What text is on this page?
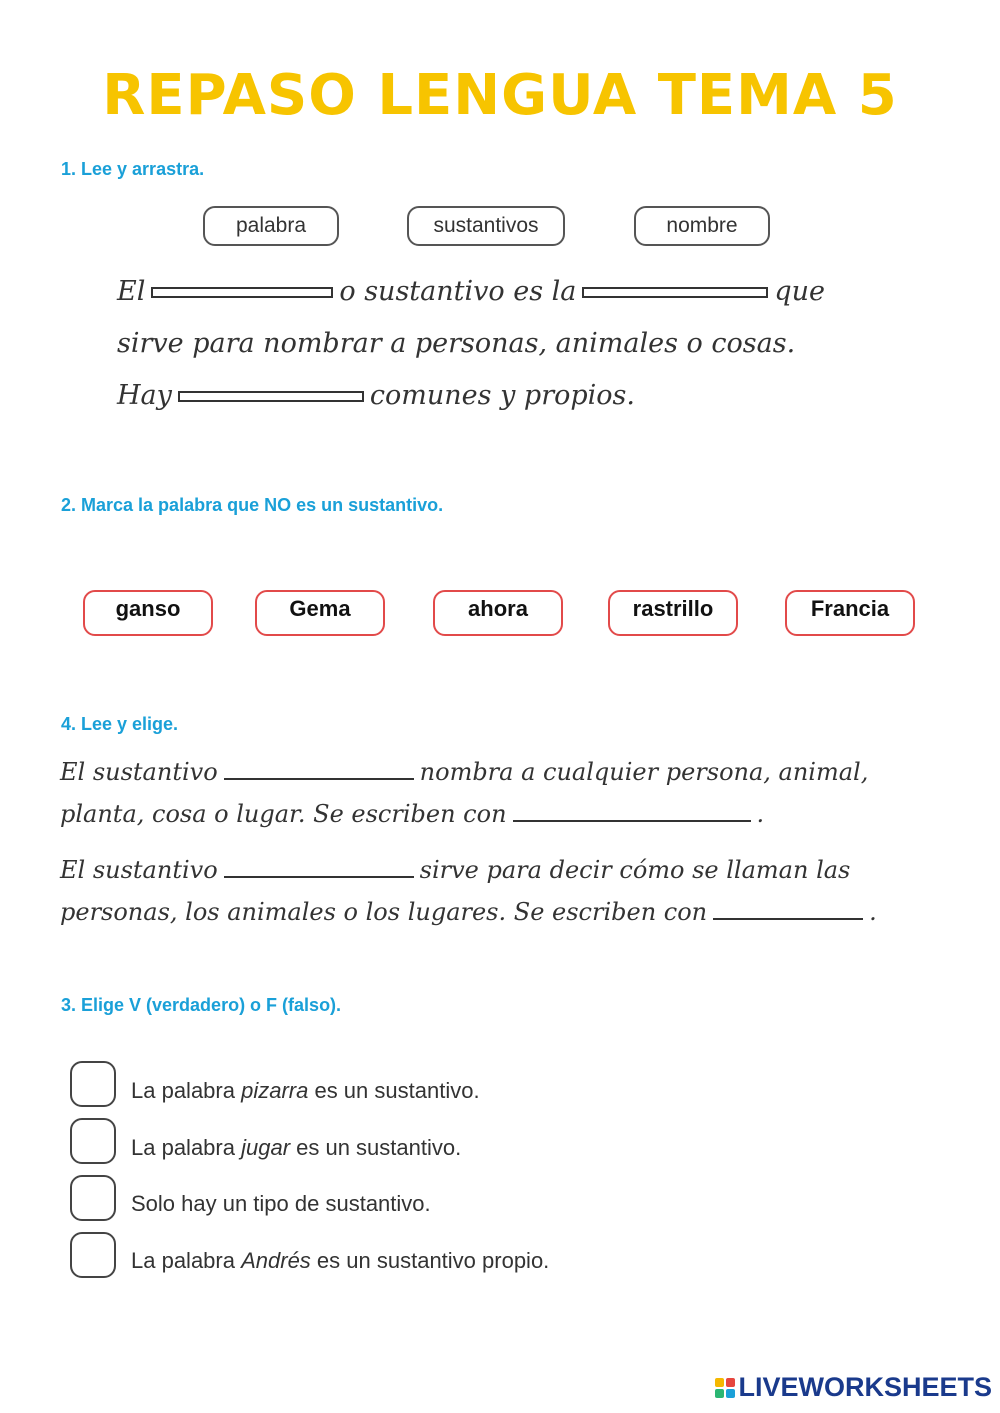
REPASO LENGUA TEMA 5
1. Lee y arrastra.
palabra	sustantivos	nombre
El	o sustantivo es la	que
sirve para nombrar a personas, animales o cosas.
Hay	comunes y propios.
2. Marca la palabra que NO es un sustantivo.
ganso	Gema	ahora	rastrillo	Francia
4. Lee y elige.
El sustantivo	nombra a cualquier persona, animal,
planta, cosa o lugar. Se escriben con	.
El sustantivo	sirve para decir cómo se llaman las
personas, los animales o los lugares. Se escriben con	.
3. Elige V (verdadero) o F (falso).
La palabra pizarra es un sustantivo.
La palabra jugar es un sustantivo.
Solo hay un tipo de sustantivo.
La palabra Andrés es un sustantivo propio.
LIVEWORKSHEETS
